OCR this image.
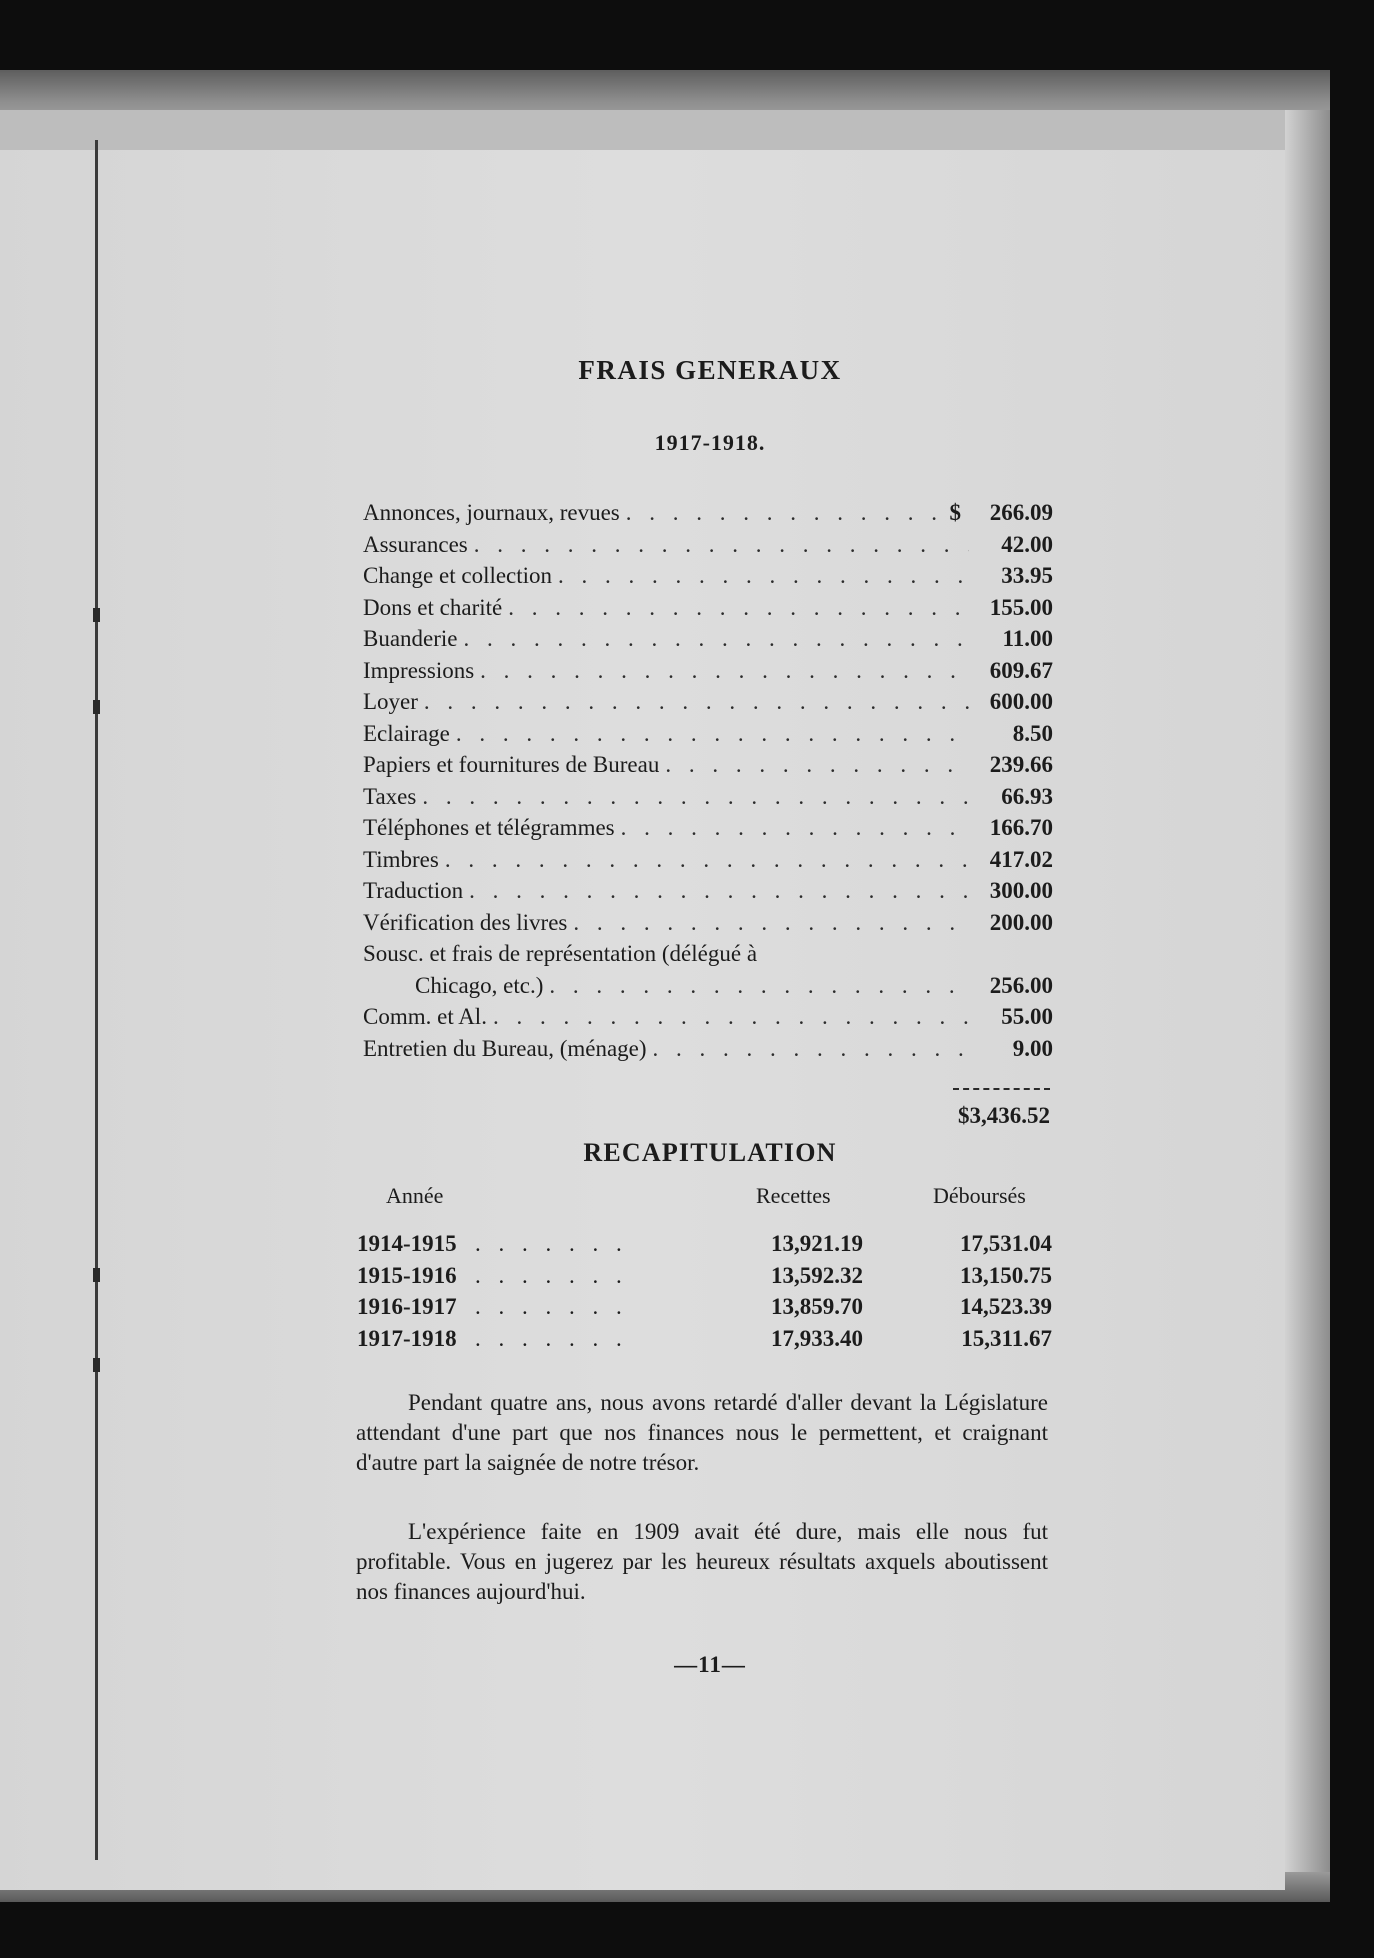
FRAIS GENERAUX
1917-1918.
Annonces, journaux, revues . . .	$	266.09
Assurances . . .	42.00
Change et collection . . .	33.95
Dons et charité . . .	155.00
Buanderie . . .	11.00
Impressions . . .	609.67
Loyer . . .	600.00
Eclairage . . .	8.50
Papiers et fournitures de Bureau . . .	239.66
Taxes . . .	66.93
Téléphones et télégrammes . . .	166.70
Timbres . . .	417.02
Traduction . . .	300.00
Vérification des livres . . .	200.00
Sousc. et frais de représentation (délégué à
Chicago, etc.) . . .	256.00
Comm. et Al. . . .	55.00
Entretien du Bureau, (ménage) . . .	9.00
$3,436.52
RECAPITULATION
Année	Recettes	Déboursés
1914-1915 . . .	13,921.19	17,531.04
1915-1916 . . .	13,592.32	13,150.75
1916-1917 . . .	13,859.70	14,523.39
1917-1918 . . .	17,933.40	15,311.67

Pendant quatre ans, nous avons retardé d'aller devant la Législature attendant d'une part que nos finances nous le permettent, et craignant d'autre part la saignée de notre trésor.

L'expérience faite en 1909 avait été dure, mais elle nous fut profitable. Vous en jugerez par les heureux résultats axquels aboutissent nos finances aujourd'hui.

—11—
